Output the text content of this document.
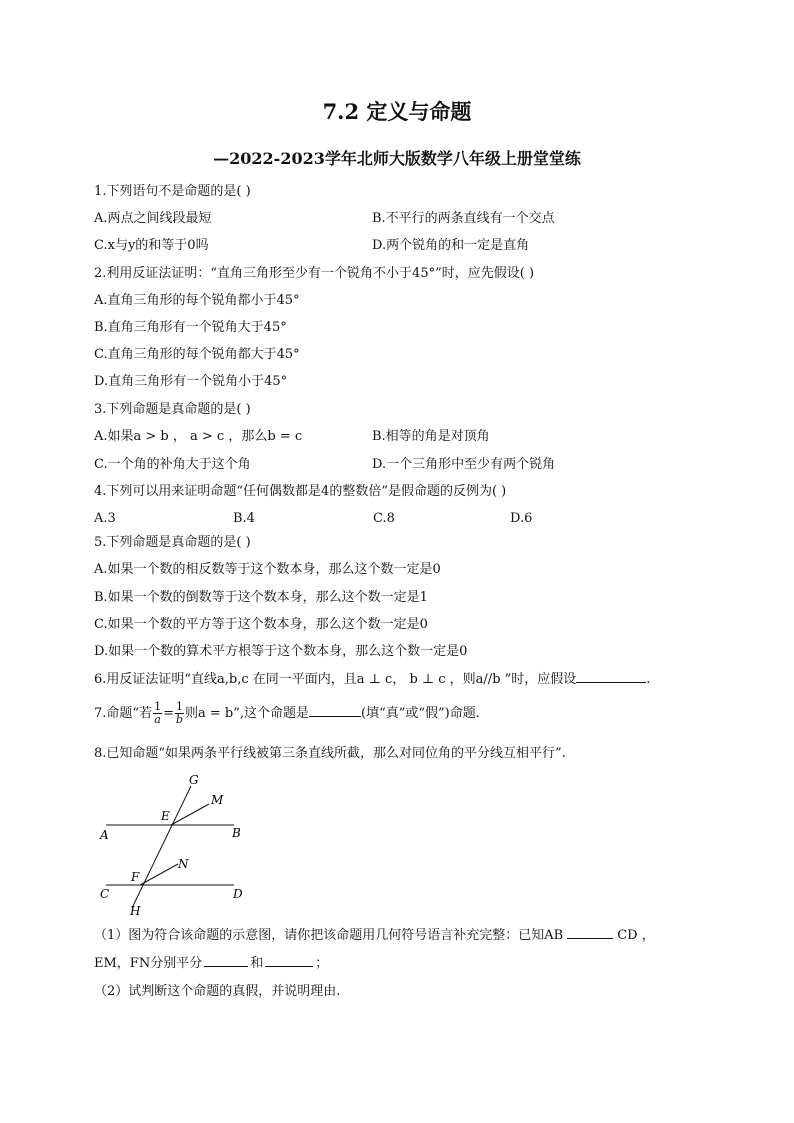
7.2 定义与命题
—2022-2023学年北师大版数学八年级上册堂堂练
1.下列语句不是命题的是( )
A.两点之间线段最短	B.不平行的两条直线有一个交点
C.x与y的和等于0吗	D.两个锐角的和一定是直角
2.利用反证法证明：“直角三角形至少有一个锐角不小于45°”时，应先假设( )
A.直角三角形的每个锐角都小于45°
B.直角三角形有一个锐角大于45°
C.直角三角形的每个锐角都大于45°
D.直角三角形有一个锐角小于45°
3.下列命题是真命题的是( )
A.如果a > b ， a > c ，那么b = c	B.相等的角是对顶角
C.一个角的补角大于这个角	D.一个三角形中至少有两个锐角
4.下列可以用来证明命题“任何偶数都是4的整数倍”是假命题的反例为( )
A.3	B.4	C.8	D.6
5.下列命题是真命题的是( )
A.如果一个数的相反数等于这个数本身，那么这个数一定是0
B.如果一个数的倒数等于这个数本身，那么这个数一定是1
C.如果一个数的平方等于这个数本身，那么这个数一定是0
D.如果一个数的算术平方根等于这个数本身，那么这个数一定是0
6.用反证法证明“直线a,b,c 在同一平面内，且a ⊥ c， b ⊥ c ，则a//b ”时，应假设	.
7.命题“若 $\frac{1}{a} = \frac{1}{b}$ 则a = b”,这个命题是	(填“真”或“假”)命题.
8.已知命题“如果两条平行线被第三条直线所截，那么对同位角的平分线互相平行”.
G
M
E
A	B
N
F
C	D
H
（1）图为符合该命题的示意图，请你把该命题用几何符号语言补充完整：已知AB	CD ，
EM，FN分别平分	和	；
（2）试判断这个命题的真假，并说明理由.
